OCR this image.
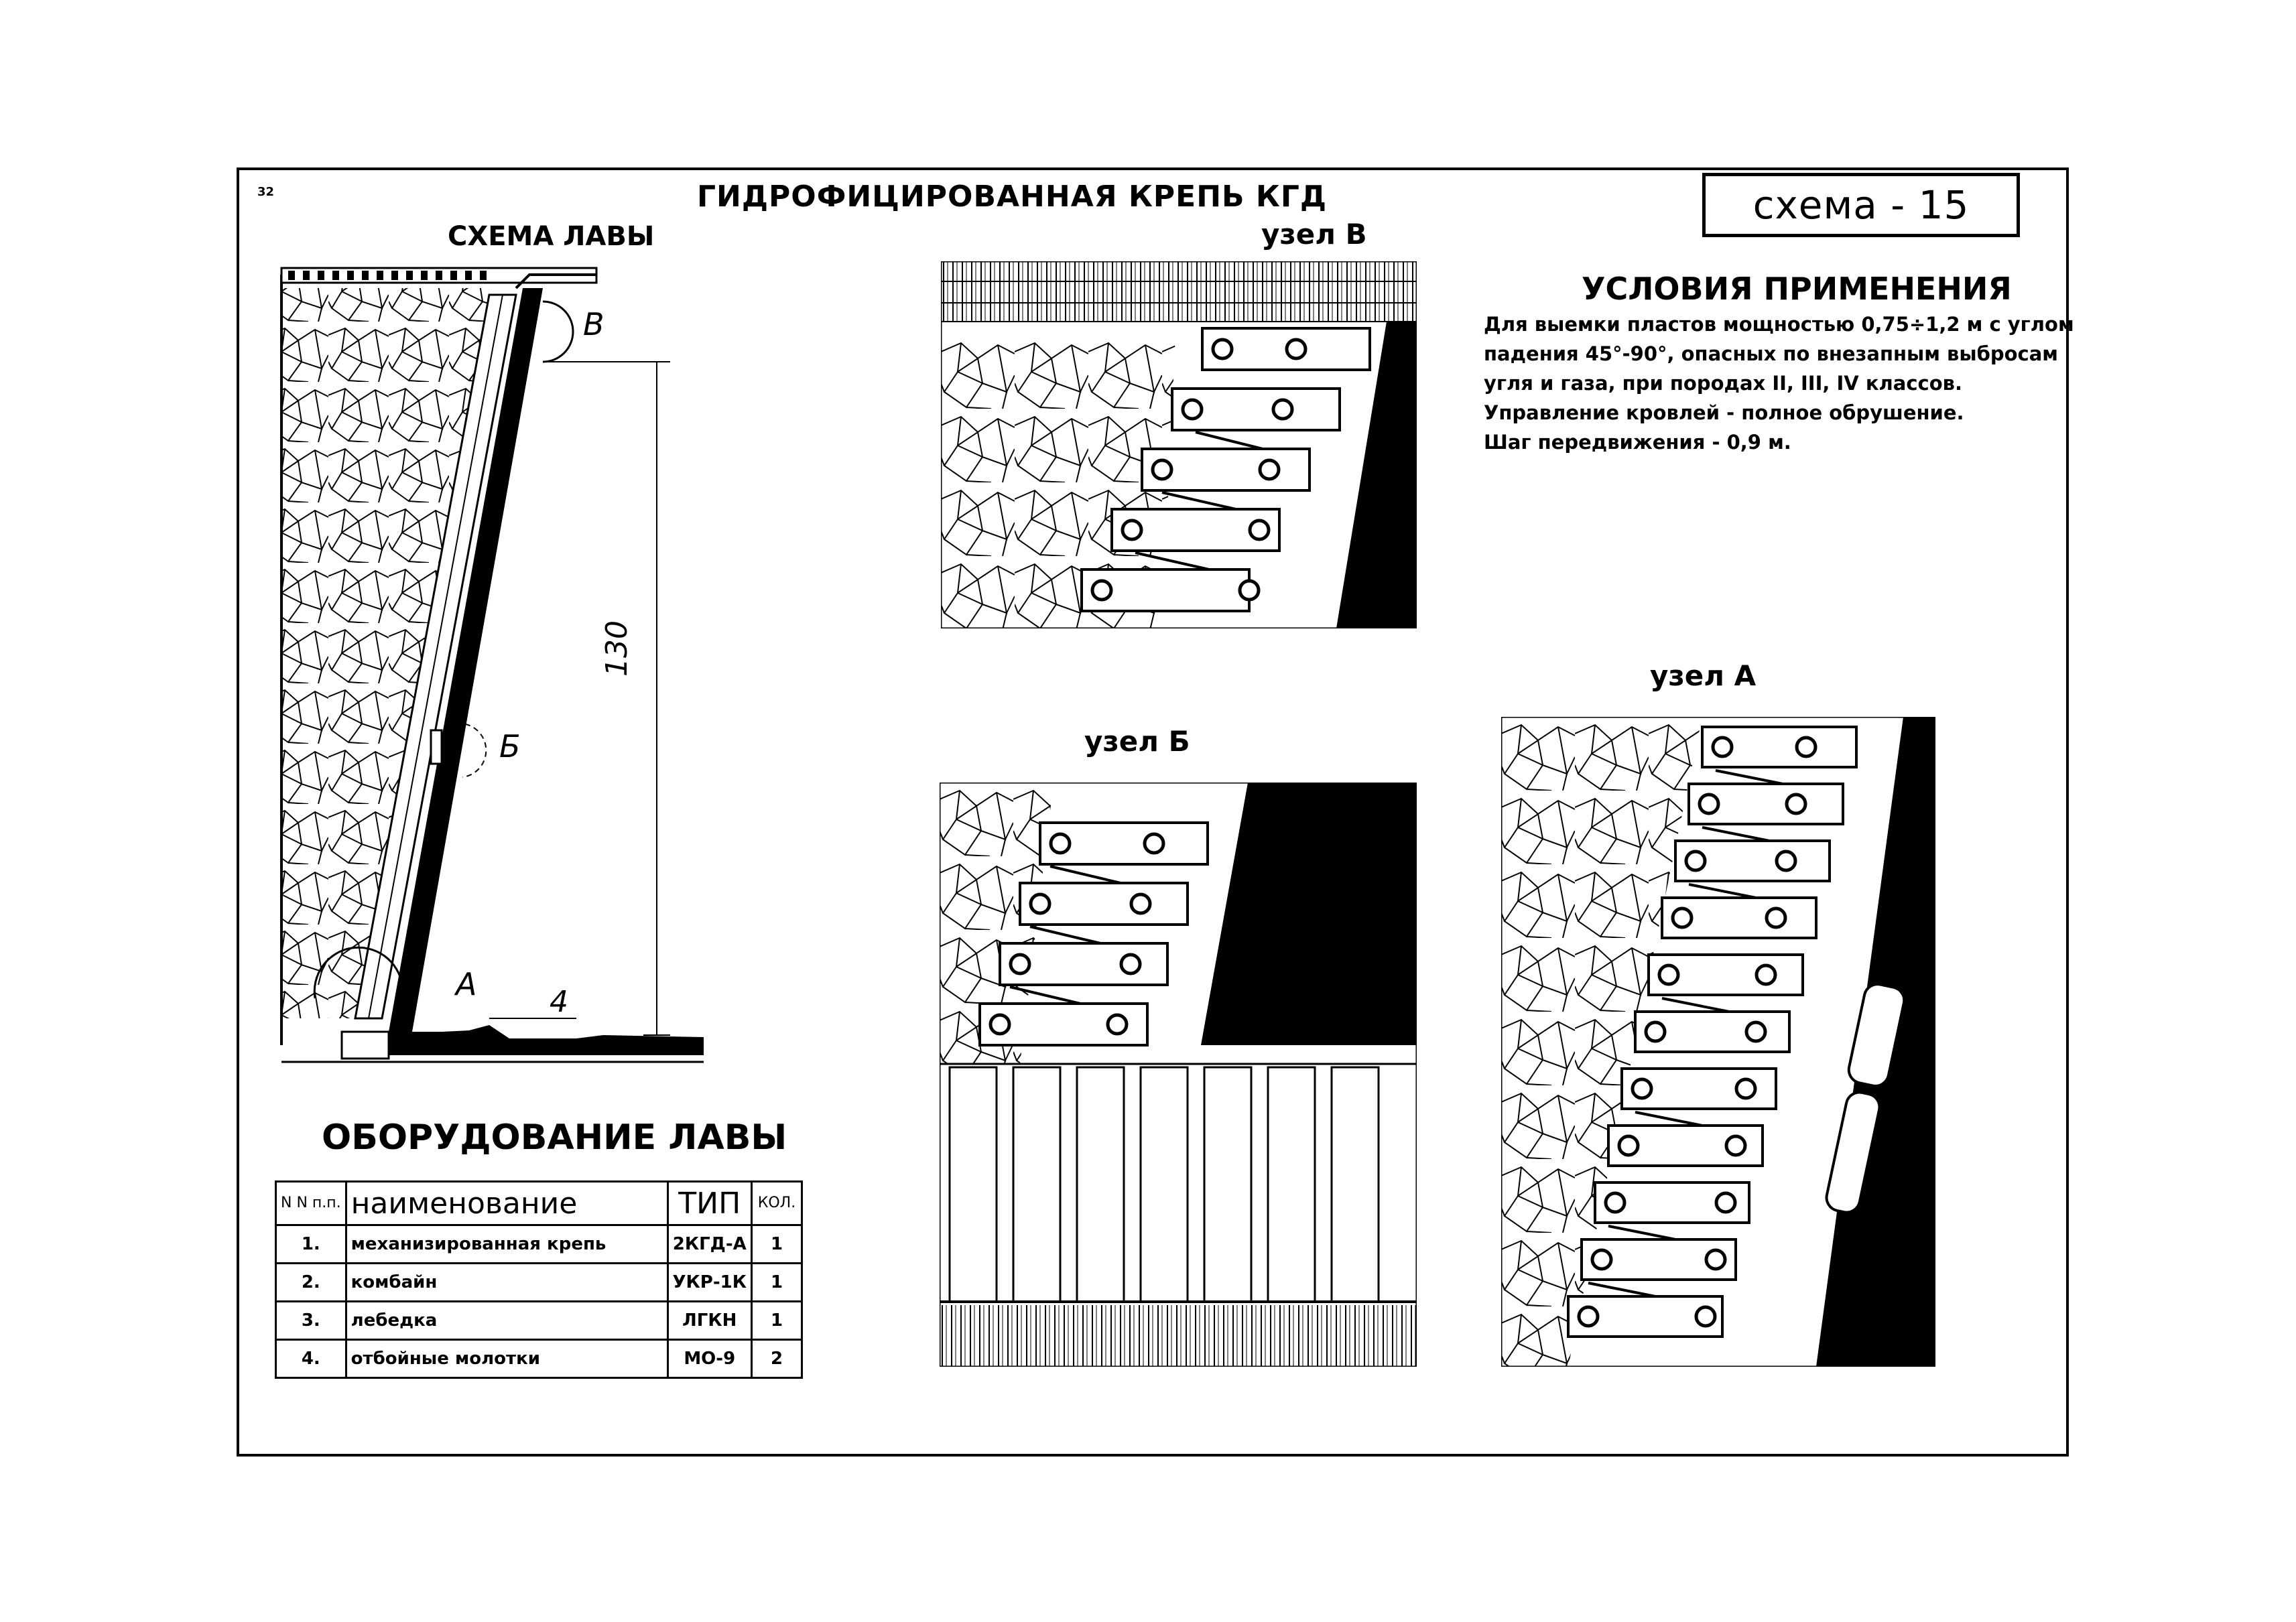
32	ГИДРОФИЦИРОВАННАЯ КРЕПЬ КГД	схема - 15
СХЕМА ЛАВЫ
130
4
В
Б
А
узел В
УСЛОВИЯ ПРИМЕНЕНИЯ
Для выемки пластов мощностью 0,75÷1,2 м с углом
падения 45°-90°, опасных по внезапным выбросам
угля и газа, при породах II, III, IV классов.
Управление кровлей - полное обрушение.
Шаг передвижения - 0,9 м.
узел Б
узел А
ОБОРУДОВАНИЕ ЛАВЫ
N N п.п.	наименование	ТИП	КОЛ.
1.	механизированная крепь	2КГД-А	1
2.	комбайн	УКР-1К	1
3.	лебедка	ЛГКН	1
4.	отбойные молотки	МО-9	2
